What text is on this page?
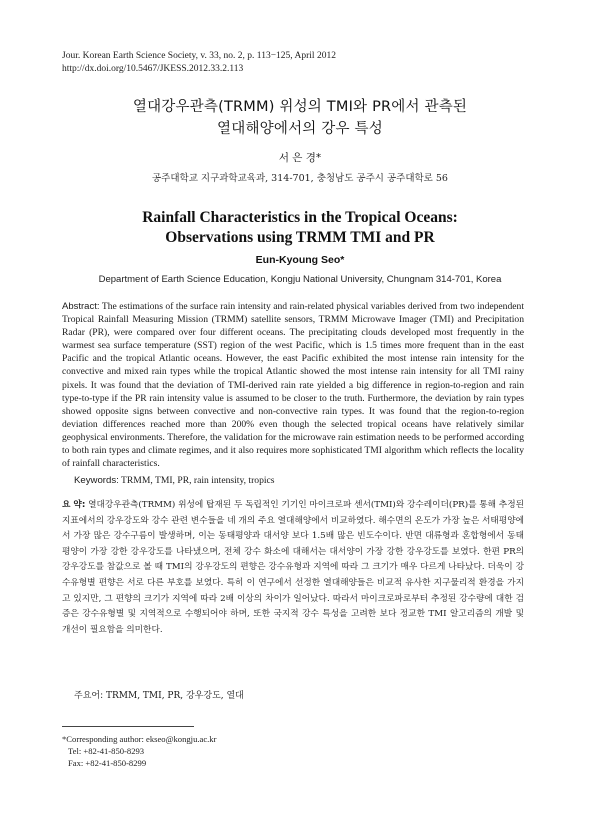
Jour. Korean Earth Science Society, v. 33, no. 2, p. 113−125, April 2012
http://dx.doi.org/10.5467/JKESS.2012.33.2.113
열대강우관측(TRMM) 위성의 TMI와 PR에서 관측된
열대해양에서의 강우 특성
서 은 경*
공주대학교 지구과학교육과, 314-701, 충청남도 공주시 공주대학로 56
Rainfall Characteristics in the Tropical Oceans:
Observations using TRMM TMI and PR
Eun-Kyoung Seo*
Department of Earth Science Education, Kongju National University, Chungnam 314-701, Korea
Abstract: The estimations of the surface rain intensity and rain-related physical variables derived from two independent Tropical Rainfall Measuring Mission (TRMM) satellite sensors, TRMM Microwave Imager (TMI) and Precipitation Radar (PR), were compared over four different oceans. The precipitating clouds developed most frequently in the warmest sea surface temperature (SST) region of the west Pacific, which is 1.5 times more frequent than in the east Pacific and the tropical Atlantic oceans. However, the east Pacific exhibited the most intense rain intensity for the convective and mixed rain types while the tropical Atlantic showed the most intense rain intensity for all TMI rainy pixels. It was found that the deviation of TMI-derived rain rate yielded a big difference in region-to-region and rain type-to-type if the PR rain intensity value is assumed to be closer to the truth. Furthermore, the deviation by rain types showed opposite signs between convective and non-convective rain types. It was found that the region-to-region deviation differences reached more than 200% even though the selected tropical oceans have relatively similar geophysical environments. Therefore, the validation for the microwave rain estimation needs to be performed according to both rain types and climate regimes, and it also requires more sophisticated TMI algorithm which reflects the locality of rainfall characteristics.
Keywords: TRMM, TMI, PR, rain intensity, tropics
요 약: 열대강우관측(TRMM) 위성에 탑재된 두 독립적인 기기인 마이크로파 센서(TMI)와 강수레이더(PR)를 통해 추정된 지표에서의 강우강도와 강수 관련 변수들을 네 개의 주요 열대해양에서 비교하였다. 해수면의 온도가 가장 높은 서태평양에서 가장 많은 강수구름이 발생하며, 이는 동태평양과 대서양 보다 1.5배 많은 빈도수이다. 반면 대류형과 혼합형에서 동태평양이 가장 강한 강우강도를 나타냈으며, 전체 강수 화소에 대해서는 대서양이 가장 강한 강우강도를 보였다. 한편 PR의 강우강도를 참값으로 볼 때 TMI의 강우강도의 편향은 강수유형과 지역에 따라 그 크기가 매우 다르게 나타났다. 더욱이 강수유형별 편향은 서로 다른 부호를 보였다. 특히 이 연구에서 선정한 열대해양들은 비교적 유사한 지구물리적 환경을 가지고 있지만, 그 편향의 크기가 지역에 따라 2배 이상의 차이가 일어났다. 따라서 마이크로파로부터 추정된 강수량에 대한 검증은 강수유형별 및 지역적으로 수행되어야 하며, 또한 국지적 강수 특성을 고려한 보다 정교한 TMI 알고리즘의 개발 및 개선이 필요함을 의미한다.
주요어: TRMM, TMI, PR, 강우강도, 열대
*Corresponding author: ekseo@kongju.ac.kr
Tel: +82-41-850-8293
Fax: +82-41-850-8299
